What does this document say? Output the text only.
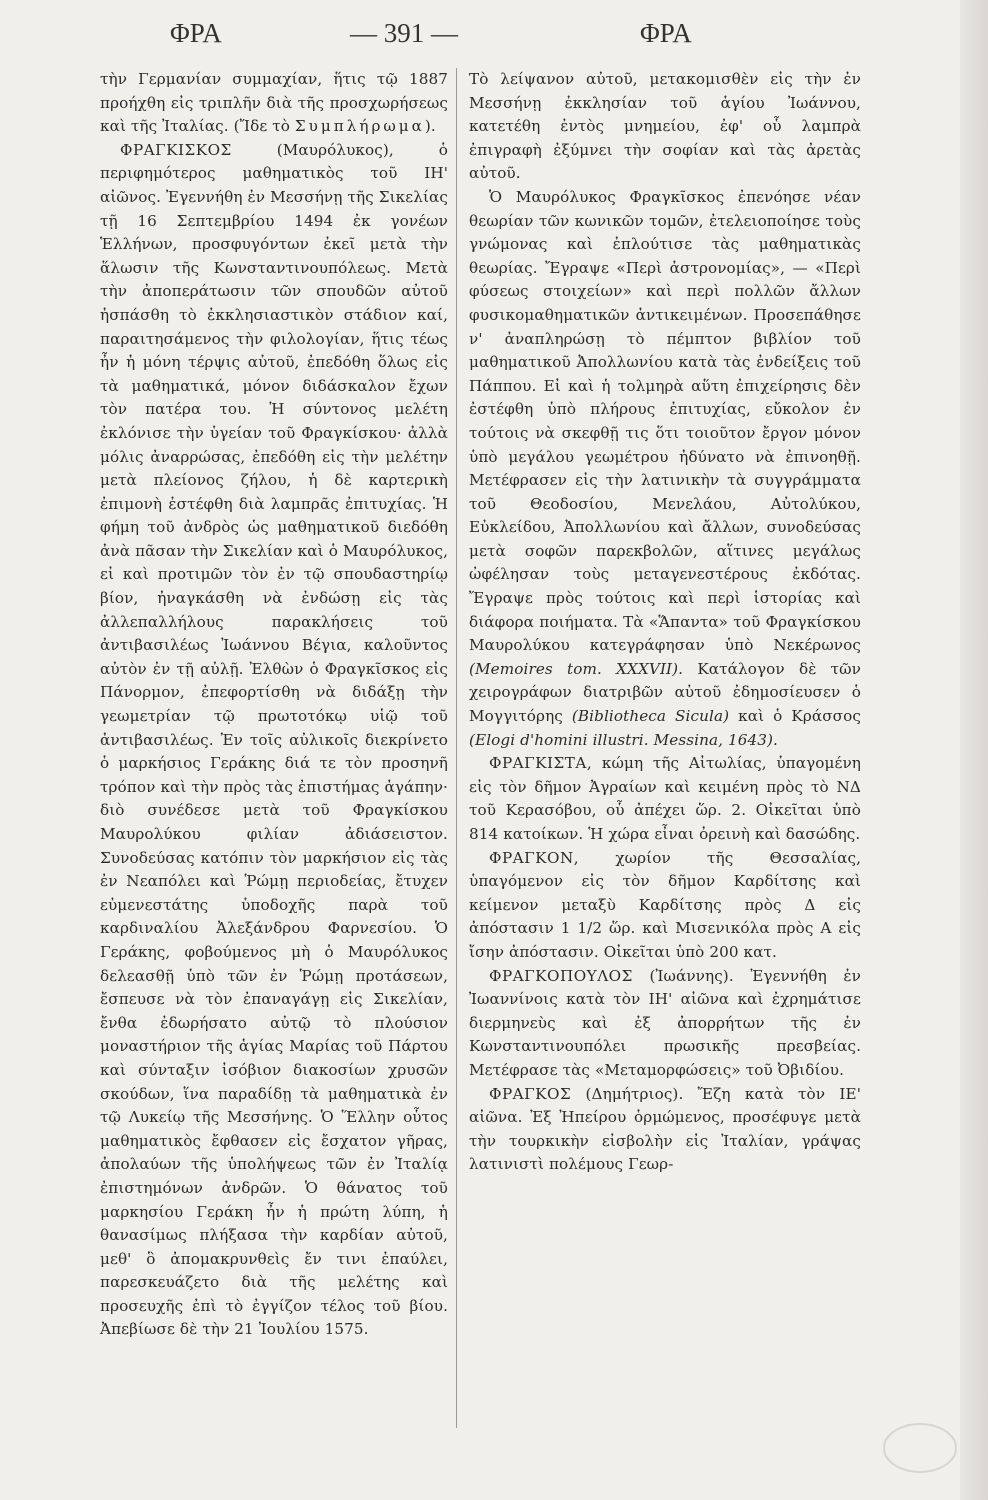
ΦΡΑ	— 391 —	ΦΡΑ

τὴν Γερμανίαν συμμαχίαν, ἥτις τῷ 1887 προήχθη εἰς τριπλῆν διὰ τῆς προσχωρήσεως καὶ τῆς Ἰταλίας. (Ἴδε τὸ Συμπλήρωμα).

ΦΡΑΓΚΙΣΚΟΣ	(Μαυρόλυκος), ὁ περιφημότερος μαθηματικὸς τοῦ ΙΗ' αἰῶνος. Ἐγεννήθη ἐν Μεσσήνῃ τῆς Σικελίας τῇ 16 Σεπτεμβρίου 1494 ἐκ γονέων Ἑλλήνων, προσφυγόντων ἐκεῖ μετὰ τὴν ἅλωσιν τῆς Κωνσταντινουπόλεως. Μετὰ τὴν ἀποπεράτωσιν τῶν σπουδῶν αὐτοῦ ἠσπάσθη τὸ ἐκκλησιαστικὸν στάδιον καί, παραιτησάμενος τὴν φιλολογίαν, ἥτις τέως ἦν ἡ μόνη τέρψις αὐτοῦ, ἐπεδόθη ὅλως εἰς τὰ μαθηματικά, μόνον διδάσκαλον ἔχων τὸν πατέρα του. Ἡ σύντονος μελέτη ἐκλόνισε τὴν ὑγείαν τοῦ Φραγκίσκου· ἀλλὰ μόλις ἀναρρώσας, ἐπεδόθη εἰς τὴν μελέτην μετὰ πλείονος ζήλου, ἡ δὲ καρτερικὴ ἐπιμονὴ ἐστέφθη διὰ λαμπρᾶς ἐπιτυχίας. Ἡ φήμη τοῦ ἀνδρὸς ὡς μαθηματικοῦ διεδόθη ἀνὰ πᾶσαν τὴν Σικελίαν καὶ ὁ Μαυρόλυκος, εἰ καὶ προτιμῶν τὸν ἐν τῷ σπουδαστηρίῳ βίον, ἠναγκάσθη νὰ ἐνδώσῃ εἰς τὰς ἀλλεπαλλήλους παρακλήσεις τοῦ ἀντιβασιλέως Ἰωάννου Βέγια, καλοῦντος αὐτὸν ἐν τῇ αὐλῇ. Ἐλθὼν ὁ Φραγκῖσκος εἰς Πάνορμον, ἐπεφορτίσθη νὰ διδάξῃ τὴν γεωμετρίαν τῷ πρωτοτόκῳ υἱῷ τοῦ ἀντιβασιλέως. Ἐν τοῖς αὐλικοῖς διεκρίνετο ὁ μαρκήσιος Γεράκης διά τε τὸν προσηνῆ τρόπον καὶ τὴν πρὸς τὰς ἐπιστήμας ἀγάπην· διὸ συνέδεσε μετὰ τοῦ Φραγκίσκου Μαυρολύκου φιλίαν ἀδιάσειστον. Συνοδεύσας κατόπιν τὸν μαρκήσιον εἰς τὰς ἐν Νεαπόλει καὶ Ῥώμῃ περιοδείας, ἔτυχεν εὐμενεστάτης ὑποδοχῆς παρὰ τοῦ καρδιναλίου Ἀλεξάνδρου Φαρνεσίου. Ὁ Γεράκης, φοβούμενος μὴ ὁ Μαυρόλυκος δελεασθῇ ὑπὸ τῶν ἐν Ῥώμῃ προτάσεων, ἔσπευσε νὰ τὸν ἐπαναγάγῃ εἰς Σικελίαν, ἔνθα ἐδωρήσατο αὐτῷ τὸ πλούσιον μοναστήριον τῆς ἁγίας Μαρίας τοῦ Πάρτου καὶ σύνταξιν ἰσόβιον διακοσίων χρυσῶν σκούδων, ἵνα παραδίδῃ τὰ μαθηματικὰ ἐν τῷ Λυκείῳ τῆς Μεσσήνης. Ὁ Ἕλλην οὗτος μαθηματικὸς ἔφθασεν εἰς ἔσχατον γῆρας, ἀπολαύων τῆς ὑπολήψεως τῶν ἐν Ἰταλίᾳ ἐπιστημόνων ἀνδρῶν. Ὁ θάνατος τοῦ μαρκησίου Γεράκη ἦν ἡ πρώτη λύπη, ἡ θανασίμως πλήξασα τὴν καρδίαν αὐτοῦ, μεθ' ὃ ἀπομακρυνθεὶς ἔν τινι ἐπαύλει, παρεσκευάζετο διὰ τῆς μελέτης καὶ προσευχῆς ἐπὶ τὸ ἐγγίζον τέλος τοῦ βίου. Ἀπεβίωσε δὲ τὴν 21 Ἰουλίου 1575.

Τὸ λείψανον αὐτοῦ, μετακομισθὲν εἰς τὴν ἐν Μεσσήνῃ ἐκκλησίαν τοῦ ἁγίου Ἰωάννου, κατετέθη ἐντὸς μνημείου, ἐφ' οὗ λαμπρὰ ἐπιγραφὴ ἐξύμνει τὴν σοφίαν καὶ τὰς ἀρετὰς αὐτοῦ.

Ὁ Μαυρόλυκος Φραγκῖσκος ἐπενόησε νέαν θεωρίαν τῶν κωνικῶν τομῶν, ἐτελειοποίησε τοὺς γνώμονας καὶ ἐπλούτισε τὰς μαθηματικὰς θεωρίας. Ἔγραψε «Περὶ ἀστρονομίας», — «Περὶ φύσεως στοιχείων» καὶ περὶ πολλῶν ἄλλων φυσικομαθηματικῶν ἀντικειμένων. Προσεπάθησε ν' ἀναπληρώσῃ τὸ πέμπτον βιβλίον τοῦ μαθηματικοῦ Ἀπολλωνίου κατὰ τὰς ἐνδείξεις τοῦ Πάππου. Εἰ καὶ ἡ τολμηρὰ αὕτη ἐπιχείρησις δὲν ἐστέφθη ὑπὸ πλήρους ἐπιτυχίας, εὔκολον ἐν τούτοις νὰ σκεφθῇ τις ὅτι τοιοῦτον ἔργον μόνον ὑπὸ μεγάλου γεωμέτρου ἠδύνατο νὰ ἐπινοηθῇ. Μετέφρασεν εἰς τὴν λατινικὴν τὰ συγγράμματα τοῦ Θεοδοσίου, Μενελάου, Αὐτολύκου, Εὐκλείδου, Ἀπολλωνίου καὶ ἄλλων, συνοδεύσας μετὰ σοφῶν παρεκβολῶν, αἵτινες μεγάλως ὠφέλησαν τοὺς μεταγενεστέρους ἐκδότας. Ἔγραψε πρὸς τούτοις καὶ περὶ ἱστορίας καὶ διάφορα ποιήματα. Τὰ «Ἅπαντα» τοῦ Φραγκίσκου Μαυρολύκου κατεγράφησαν ὑπὸ Νεκέρωνος (Memoires tom. XXXVII). Κατάλογον δὲ τῶν χειρογράφων διατριβῶν αὐτοῦ ἐδημοσίευσεν ὁ Μογγιτόρης (Bibliotheca Sicula) καὶ ὁ Κράσσος (Elogi d'homini illustri. Messina, 1643).

ΦΡΑΓΚΙΣΤΑ, κώμη τῆς Αἰτωλίας, ὑπαγομένη εἰς τὸν δῆμον Ἀγραίων καὶ κειμένη πρὸς τὸ ΝΔ τοῦ Κερασόβου, οὗ ἀπέχει ὥρ. 2. Οἰκεῖται ὑπὸ 814 κατοίκων. Ἡ χώρα εἶναι ὀρεινὴ καὶ δασώδης.

ΦΡΑΓΚΟΝ, χωρίον τῆς Θεσσαλίας, ὑπαγόμενον εἰς τὸν δῆμον Καρδίτσης καὶ κείμενον μεταξὺ Καρδίτσης πρὸς Δ εἰς ἀπόστασιν 1 1/2 ὥρ. καὶ Μισενικόλα πρὸς Α εἰς ἴσην ἀπόστασιν. Οἰκεῖται ὑπὸ 200 κατ.

ΦΡΑΓΚΟΠΟΥΛΟΣ (Ἰωάννης). Ἐγεννήθη ἐν Ἰωαννίνοις κατὰ τὸν ΙΗ' αἰῶνα καὶ ἐχρημάτισε διερμηνεὺς καὶ ἐξ ἀπορρήτων τῆς ἐν Κωνσταντινουπόλει πρωσικῆς πρεσβείας. Μετέφρασε τὰς «Μεταμορφώσεις» τοῦ Ὀβιδίου.

ΦΡΑΓΚΟΣ (Δημήτριος). Ἔζη κατὰ τὸν ΙΕ' αἰῶνα. Ἐξ Ἠπείρου ὁρμώμενος, προσέφυγε μετὰ τὴν τουρκικὴν εἰσβολὴν εἰς Ἰταλίαν, γράψας λατινιστὶ πολέμους Γεωρ-
